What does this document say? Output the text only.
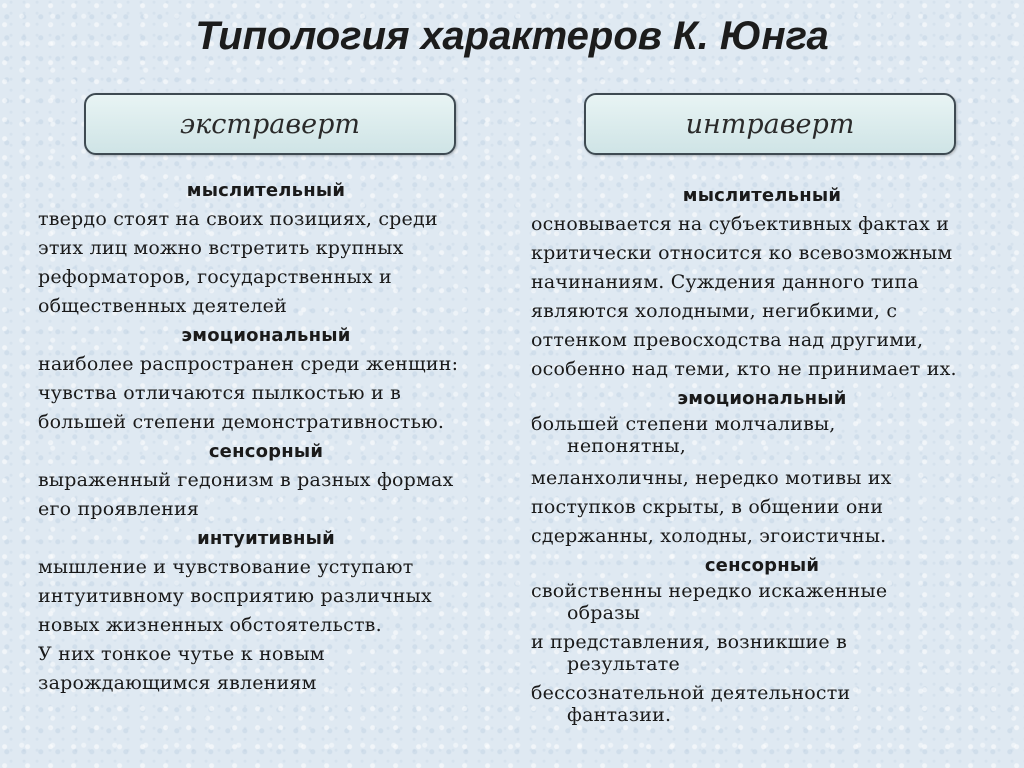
Типология характеров К. Юнга
экстраверт	интраверт
мыслительный
твердо стоят на своих позициях, среди
этих лиц можно встретить крупных
реформаторов, государственных и
общественных деятелей
эмоциональный
наиболее распространен среди женщин:
чувства отличаются пылкостью и в
большей степени демонстративностью.
сенсорный
выраженный гедонизм в разных формах
его проявления
интуитивный
мышление и чувствование уступают
интуитивному восприятию различных
новых жизненных обстоятельств.
У них тонкое чутье к новым
зарождающимся явлениям
мыслительный
основывается на субъективных фактах и
критически относится ко всевозможным
начинаниям. Суждения данного типа
являются холодными, негибкими, с
оттенком превосходства над другими,
особенно над теми, кто не принимает их.
эмоциональный
большей степени молчаливы,
непонятны,
меланхоличны, нередко мотивы их
поступков скрыты, в общении они
сдержанны, холодны, эгоистичны.
сенсорный
свойственны нередко искаженные
образы
и представления, возникшие в
результате
бессознательной деятельности
фантазии.
